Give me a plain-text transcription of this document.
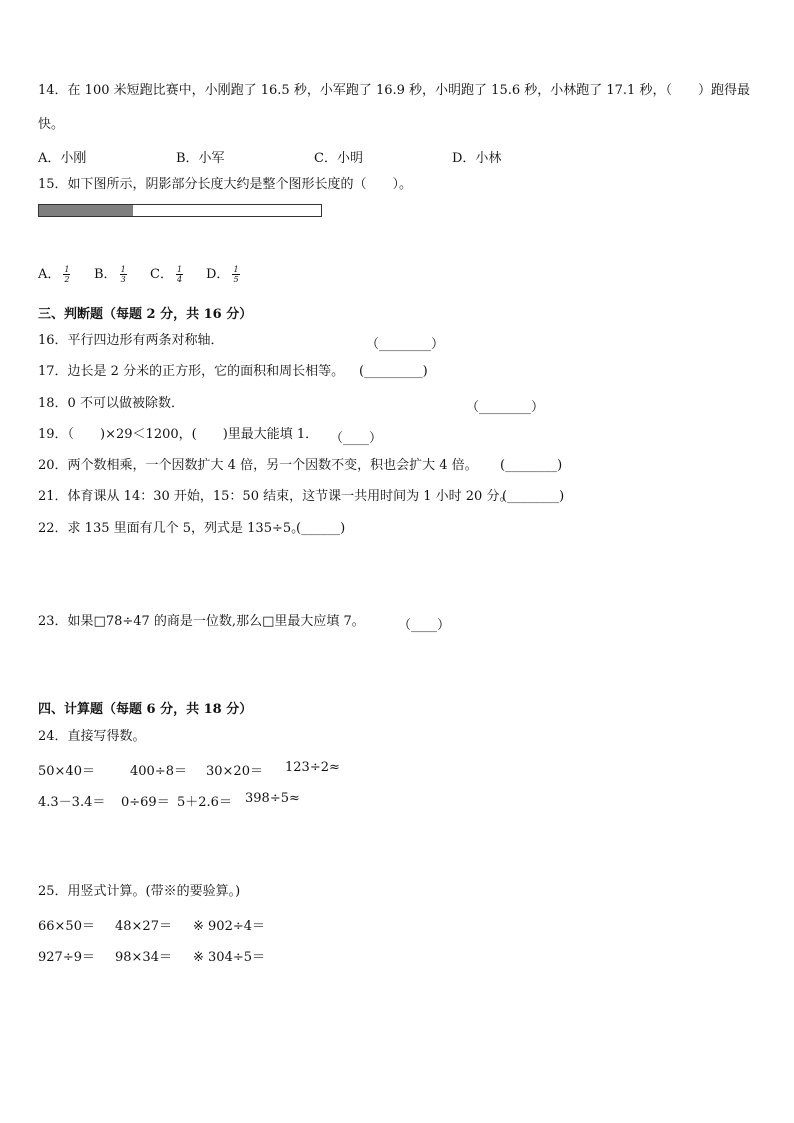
14．在 100 米短跑比赛中，小刚跑了 16.5 秒，小军跑了 16.9 秒，小明跑了 15.6 秒，小林跑了 17.1 秒，（　　）跑得最
快。
A．小刚	B．小军	C．小明	D．小林
15．如下图所示，阴影部分长度大约是整个图形长度的（　　）。
A． $\frac{1}{2}$ B． $\frac{1}{3}$ C． $\frac{1}{4}$ D． $\frac{1}{5}$
三、判断题（每题 2 分，共 16 分）
16．平行四边形有两条对称轴．	（________）
17．边长是 2 分米的正方形，它的面积和周长相等。 (_________)
18．0 不可以做被除数．	（________）
19．（　　)×29＜1200，(　　)里最大能填 1． （____）
20．两个数相乘，一个因数扩大 4 倍，另一个因数不变，积也会扩大 4 倍。 (________)
21．体育课从 14：30 开始，15：50 结束，这节课一共用时间为 1 小时 20 分。
(________)
22．求 135 里面有几个 5，列式是 135÷5。
(______)
23．如果□78÷47 的商是一位数,那么□里最大应填 7。	（____）
四、计算题（每题 6 分，共 18 分）
24．直接写得数。
50×40＝	400÷8＝ 30×20＝ 123÷2≈
4.3－3.4＝ 0÷69＝ 5＋2.6＝ 398÷5≈
25．用竖式计算。(带※的要验算。)
66×50＝ 48×27＝ ※ 902÷4＝
927÷9＝ 98×34＝ ※ 304÷5＝
